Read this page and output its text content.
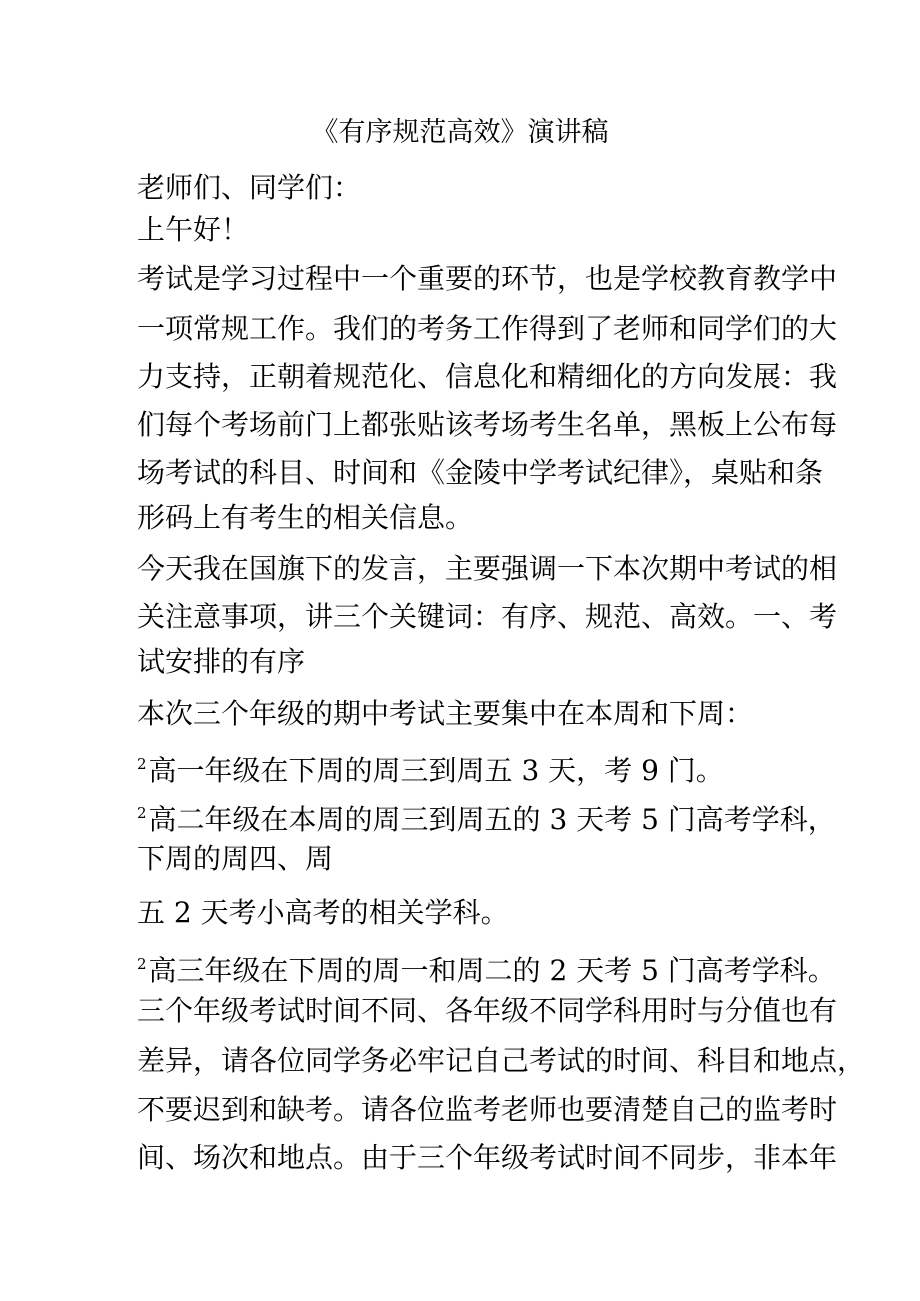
《有序规范高效》演讲稿
老师们、同学们：
上午好！
考试是学习过程中一个重要的环节，也是学校教育教学中
一项常规工作。我们的考务工作得到了老师和同学们的大
力支持，正朝着规范化、信息化和精细化的方向发展：我
们每个考场前门上都张贴该考场考生名单，黑板上公布每
场考试的科目、时间和《金陵中学考试纪律》，桌贴和条
形码上有考生的相关信息。
今天我在国旗下的发言，主要强调一下本次期中考试的相
关注意事项，讲三个关键词：有序、规范、高效。一、考
试安排的有序
本次三个年级的期中考试主要集中在本周和下周：
$^2$高一年级在下周的周三到周五 3 天，考 9 门。
$^2$高二年级在本周的周三到周五的 3 天考 5 门高考学科，
下周的周四、周
五 2 天考小高考的相关学科。
$^2$高三年级在下周的周一和周二的 2 天考 5 门高考学科。
三个年级考试时间不同、各年级不同学科用时与分值也有
差异，请各位同学务必牢记自己考试的时间、科目和地点，
不要迟到和缺考。请各位监考老师也要清楚自己的监考时
间、场次和地点。由于三个年级考试时间不同步，非本年
